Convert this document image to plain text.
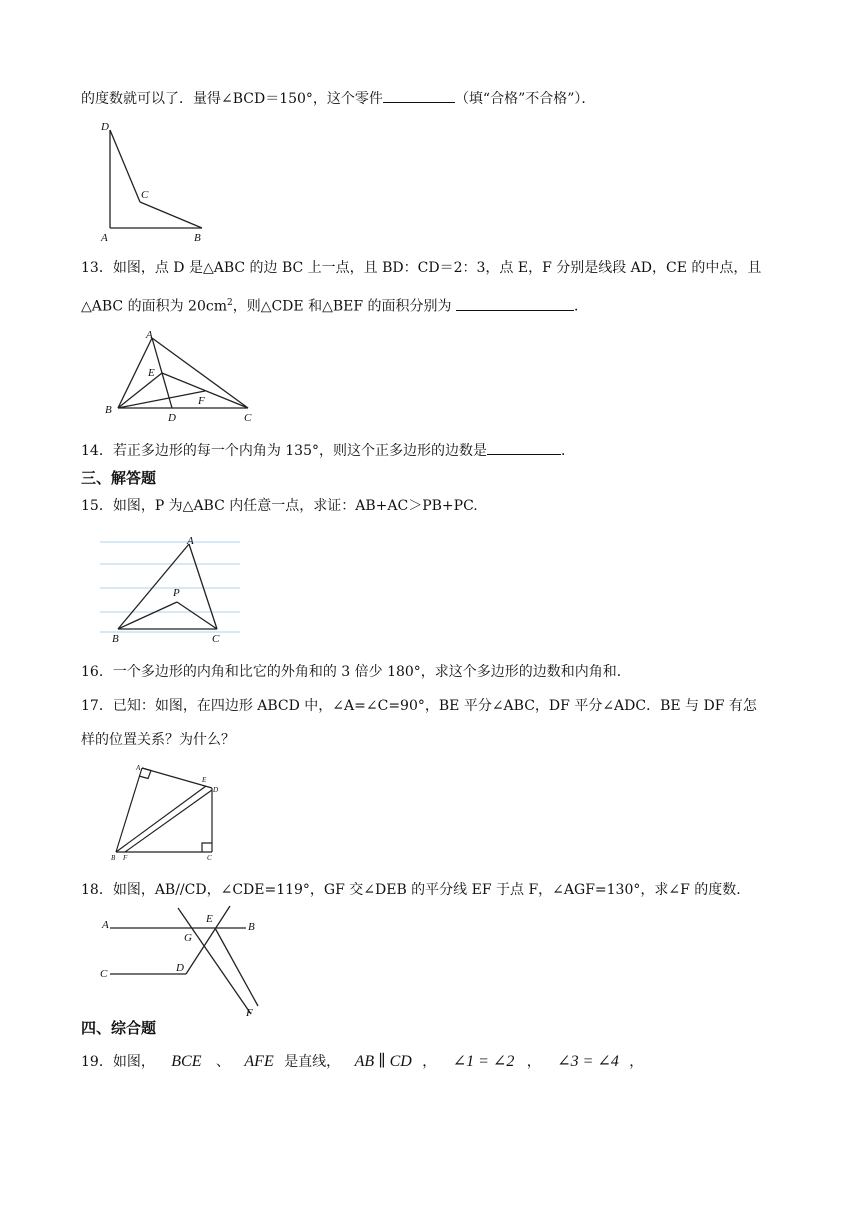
的度数就可以了．量得∠BCD＝150°，这个零件	（填“合格”不合格”）．
D
C
A	B
13．如图，点 D 是△ABC 的边 BC 上一点，且 BD：CD＝2：3，点 E，F 分别是线段 AD，CE 的中点，且
△ABC 的面积为 $20cm^2$，则△CDE 和△BEF 的面积分别为	．
A
E
F
B
D	C
14．若正多边形的每一个内角为 135°，则这个正多边形的边数是	．
三、解答题
15．如图，P 为△ABC 内任意一点，求证：AB+AC＞PB+PC.
A
P
B	C
16．一个多边形的内角和比它的外角和的 3 倍少 180°，求这个多边形的边数和内角和．
17．已知：如图，在四边形 ABCD 中，∠A=∠C=90°，BE 平分∠ABC，DF 平分∠ADC．BE 与 DF 有怎
样的位置关系？为什么？
A
E
D
B F	C
18．如图，AB//CD，∠CDE=119°，GF 交∠DEB 的平分线 EF 于点 F，∠AGF=130°，求∠F 的度数.
A	E
B
G
C	D
F
四、综合题
19．如图， BCE 、 AFE 是直线， AB ∥ CD ， ∠1 = ∠2 ， ∠3 = ∠4 ，
